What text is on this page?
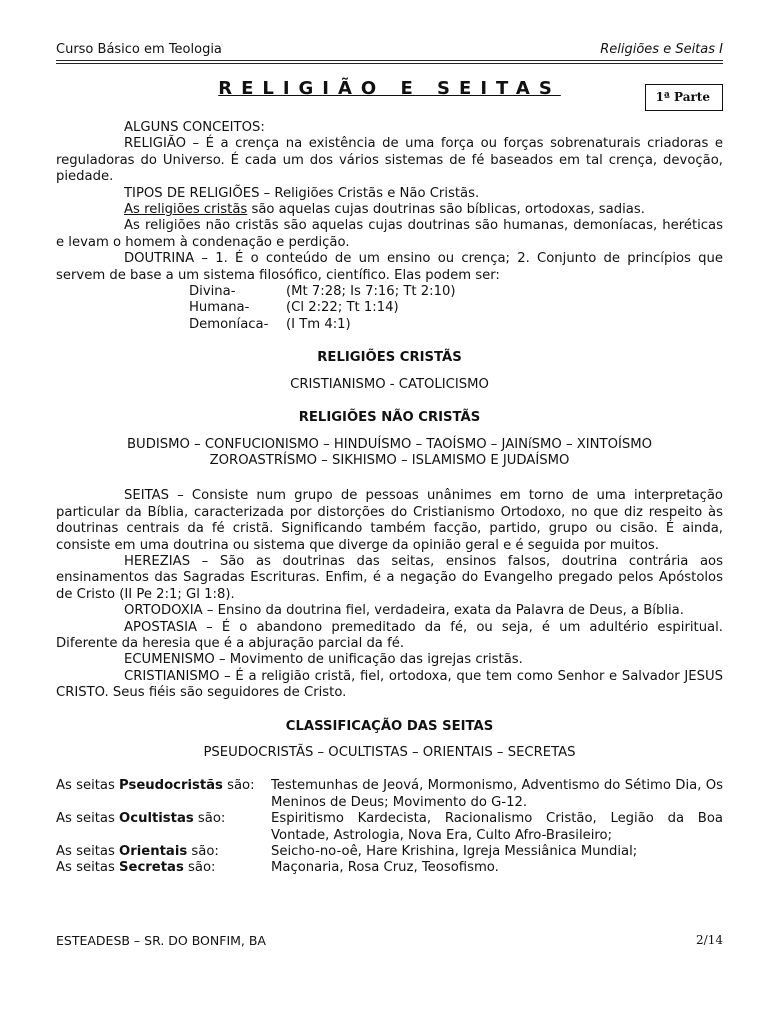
Curso Básico em Teologia	Religiões e Seitas I
RELIGIÃO E SEITAS	1ª Parte

ALGUNS CONCEITOS:

RELIGIÃO – É a crença na existência de uma força ou forças sobrenaturais criadoras e reguladoras do Universo. É cada um dos vários sistemas de fé baseados em tal crença, devoção, piedade.

TIPOS DE RELIGIÕES – Religiões Cristãs e Não Cristãs.

As religiões cristãs são aquelas cujas doutrinas são bíblicas, ortodoxas, sadias.

As religiões não cristãs são aquelas cujas doutrinas são humanas, demoníacas, heréticas e levam o homem à condenação e perdição.

DOUTRINA – 1. É o conteúdo de um ensino ou crença; 2. Conjunto de princípios que servem de base a um sistema filosófico, científico. Elas podem ser:

Divina-	(Mt 7:28; Is 7:16; Tt 2:10)
Humana-	(Cl 2:22; Tt 1:14)
Demoníaca-	(I Tm 4:1)
RELIGIÕES CRISTÃS
CRISTIANISMO - CATOLICISMO
RELIGIÕES NÃO CRISTÃS
BUDISMO – CONFUCIONISMO – HINDUÍSMO – TAOÍSMO – JAINíSMO – XINTOÍSMO
ZOROASTRÍSMO – SIKHISMO – ISLAMISMO E JUDAÍSMO

SEITAS – Consiste num grupo de pessoas unânimes em torno de uma interpretação particular da Bíblia, caracterizada por distorções do Cristianismo Ortodoxo, no que diz respeito às doutrinas centrais da fé cristã. Significando também facção, partido, grupo ou cisão. É ainda, consiste em uma doutrina ou sistema que diverge da opinião geral e é seguida por muitos.

HEREZIAS – São as doutrinas das seitas, ensinos falsos, doutrina contrária aos ensinamentos das Sagradas Escrituras. Enfim, é a negação do Evangelho pregado pelos Apóstolos de Cristo (II Pe 2:1; Gl 1:8).

ORTODOXIA – Ensino da doutrina fiel, verdadeira, exata da Palavra de Deus, a Bíblia.

APOSTASIA – É o abandono premeditado da fé, ou seja, é um adultério espiritual. Diferente da heresia que é a abjuração parcial da fé.

ECUMENISMO – Movimento de unificação das igrejas cristãs.

CRISTIANISMO – É a religião cristã, fiel, ortodoxa, que tem como Senhor e Salvador JESUS CRISTO. Seus fiéis são seguidores de Cristo.

CLASSIFICAÇÃO DAS SEITAS
PSEUDOCRISTÃS – OCULTISTAS – ORIENTAIS – SECRETAS
As seitas Pseudocristãs são:	Testemunhas de Jeová, Mormonismo, Adventismo do Sétimo Dia, Os Meninos de Deus; Movimento do G-12.
As seitas Ocultistas são:	Espiritismo Kardecista, Racionalismo Cristão, Legião da Boa Vontade, Astrologia, Nova Era, Culto Afro-Brasileiro;
As seitas Orientais são:	Seicho-no-oê, Hare Krishina, Igreja Messiânica Mundial;
As seitas Secretas são:	Maçonaria, Rosa Cruz, Teosofismo.
ESTEADESB – SR. DO BONFIM, BA	2/14
